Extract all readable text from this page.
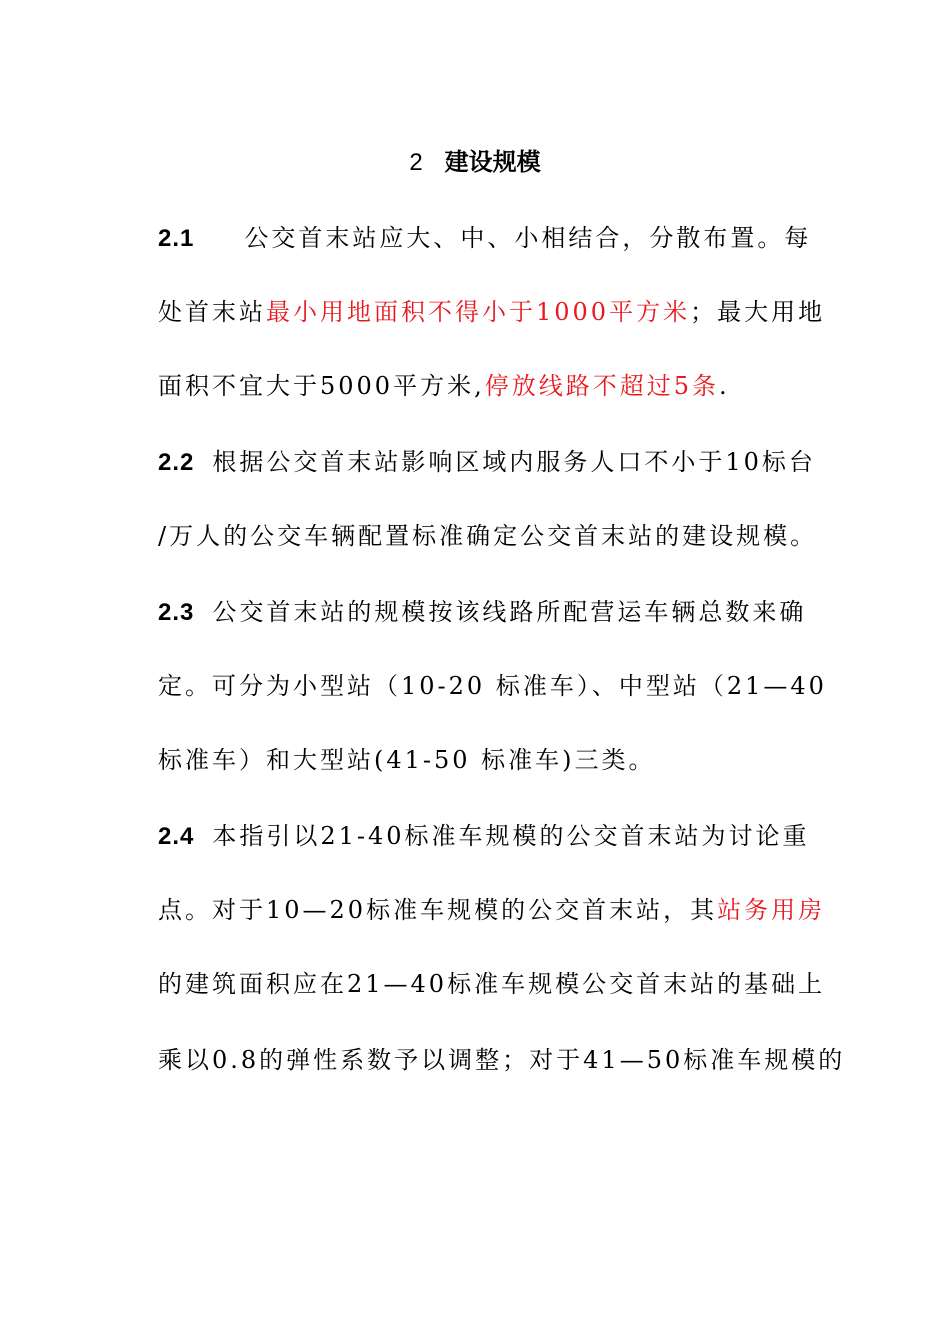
2 建设规模
2.1 公交首末站应大、中、小相结合，分散布置。每
处首末站最小用地面积不得小于1000平方米；最大用地
面积不宜大于5000平方米,停放线路不超过5条.
2.2 根据公交首末站影响区域内服务人口不小于10标台
/万人的公交车辆配置标准确定公交首末站的建设规模。
2.3 公交首末站的规模按该线路所配营运车辆总数来确
定。可分为小型站（10-20 标准车）、中型站（21—40
标准车）和大型站(41-50 标准车)三类。
2.4 本指引以21-40标准车规模的公交首末站为讨论重
点。对于10—20标准车规模的公交首末站，其站务用房
的建筑面积应在21—40标准车规模公交首末站的基础上
乘以0.8的弹性系数予以调整；对于41—50标准车规模的
